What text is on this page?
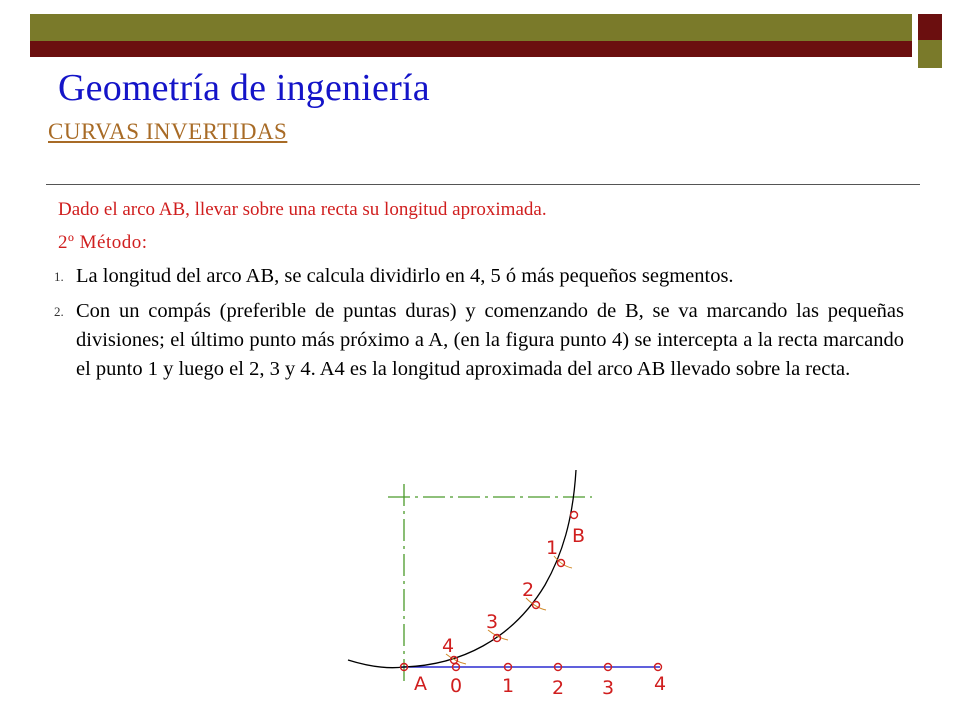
Geometría de ingeniería
CURVAS INVERTIDAS
Dado el arco AB, llevar sobre una recta su longitud aproximada.
2º Método:
1. La longitud del arco AB, se calcula dividirlo en 4, 5 ó más pequeños segmentos.
2. Con un compás (preferible de puntas duras) y comenzando de B, se va marcando las pequeñas divisiones; el último punto más próximo a A, (en la figura punto 4) se intercepta a la recta marcando el punto 1 y luego el 2, 3 y 4. A4 es la longitud aproximada del arco AB llevado sobre la recta.
B
1
2
3
4
A 0 1 2 3 4
